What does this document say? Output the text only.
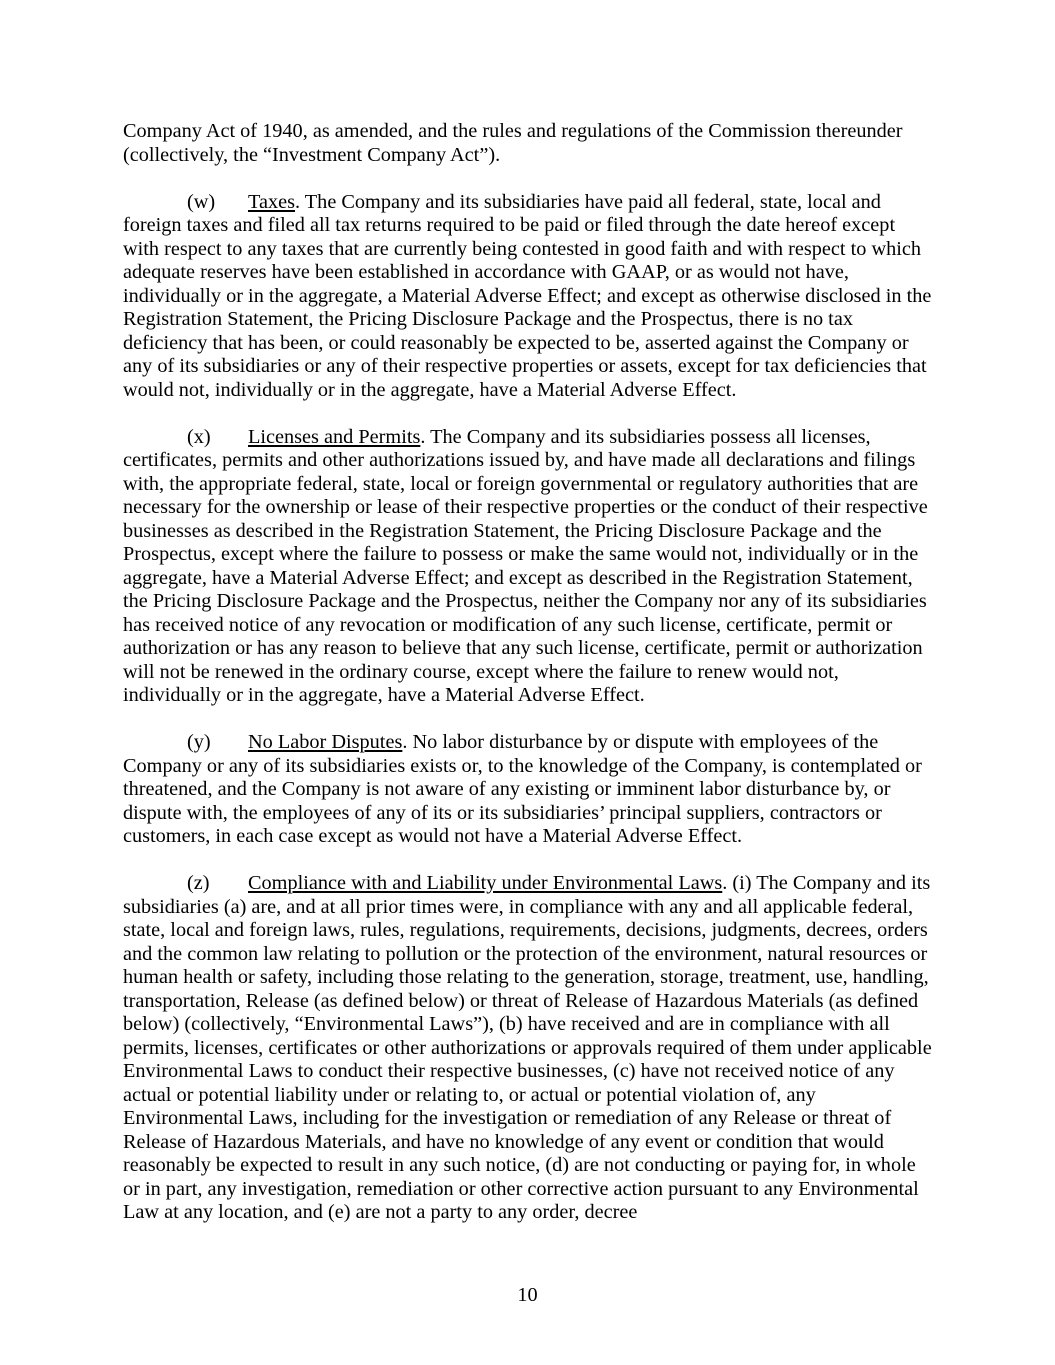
Company Act of 1940, as amended, and the rules and regulations of the Commission thereunder (collectively, the “Investment Company Act”).

(w) Taxes. The Company and its subsidiaries have paid all federal, state, local and foreign taxes and filed all tax returns required to be paid or filed through the date hereof except with respect to any taxes that are currently being contested in good faith and with respect to which adequate reserves have been established in accordance with GAAP, or as would not have, individually or in the aggregate, a Material Adverse Effect; and except as otherwise disclosed in the Registration Statement, the Pricing Disclosure Package and the Prospectus, there is no tax deficiency that has been, or could reasonably be expected to be, asserted against the Company or any of its subsidiaries or any of their respective properties or assets, except for tax deficiencies that would not, individually or in the aggregate, have a Material Adverse Effect.

(x) Licenses and Permits. The Company and its subsidiaries possess all licenses, certificates, permits and other authorizations issued by, and have made all declarations and filings with, the appropriate federal, state, local or foreign governmental or regulatory authorities that are necessary for the ownership or lease of their respective properties or the conduct of their respective businesses as described in the Registration Statement, the Pricing Disclosure Package and the Prospectus, except where the failure to possess or make the same would not, individually or in the aggregate, have a Material Adverse Effect; and except as described in the Registration Statement, the Pricing Disclosure Package and the Prospectus, neither the Company nor any of its subsidiaries has received notice of any revocation or modification of any such license, certificate, permit or authorization or has any reason to believe that any such license, certificate, permit or authorization will not be renewed in the ordinary course, except where the failure to renew would not, individually or in the aggregate, have a Material Adverse Effect.

(y) No Labor Disputes. No labor disturbance by or dispute with employees of the Company or any of its subsidiaries exists or, to the knowledge of the Company, is contemplated or threatened, and the Company is not aware of any existing or imminent labor disturbance by, or dispute with, the employees of any of its or its subsidiaries’ principal suppliers, contractors or customers, in each case except as would not have a Material Adverse Effect.

(z) Compliance with and Liability under Environmental Laws. (i) The Company and its subsidiaries (a) are, and at all prior times were, in compliance with any and all applicable federal, state, local and foreign laws, rules, regulations, requirements, decisions, judgments, decrees, orders and the common law relating to pollution or the protection of the environment, natural resources or human health or safety, including those relating to the generation, storage, treatment, use, handling, transportation, Release (as defined below) or threat of Release of Hazardous Materials (as defined below) (collectively, “Environmental Laws”), (b) have received and are in compliance with all permits, licenses, certificates or other authorizations or approvals required of them under applicable Environmental Laws to conduct their respective businesses, (c) have not received notice of any actual or potential liability under or relating to, or actual or potential violation of, any Environmental Laws, including for the investigation or remediation of any Release or threat of Release of Hazardous Materials, and have no knowledge of any event or condition that would reasonably be expected to result in any such notice, (d) are not conducting or paying for, in whole or in part, any investigation, remediation or other corrective action pursuant to any Environmental Law at any location, and (e) are not a party to any order, decree

10
